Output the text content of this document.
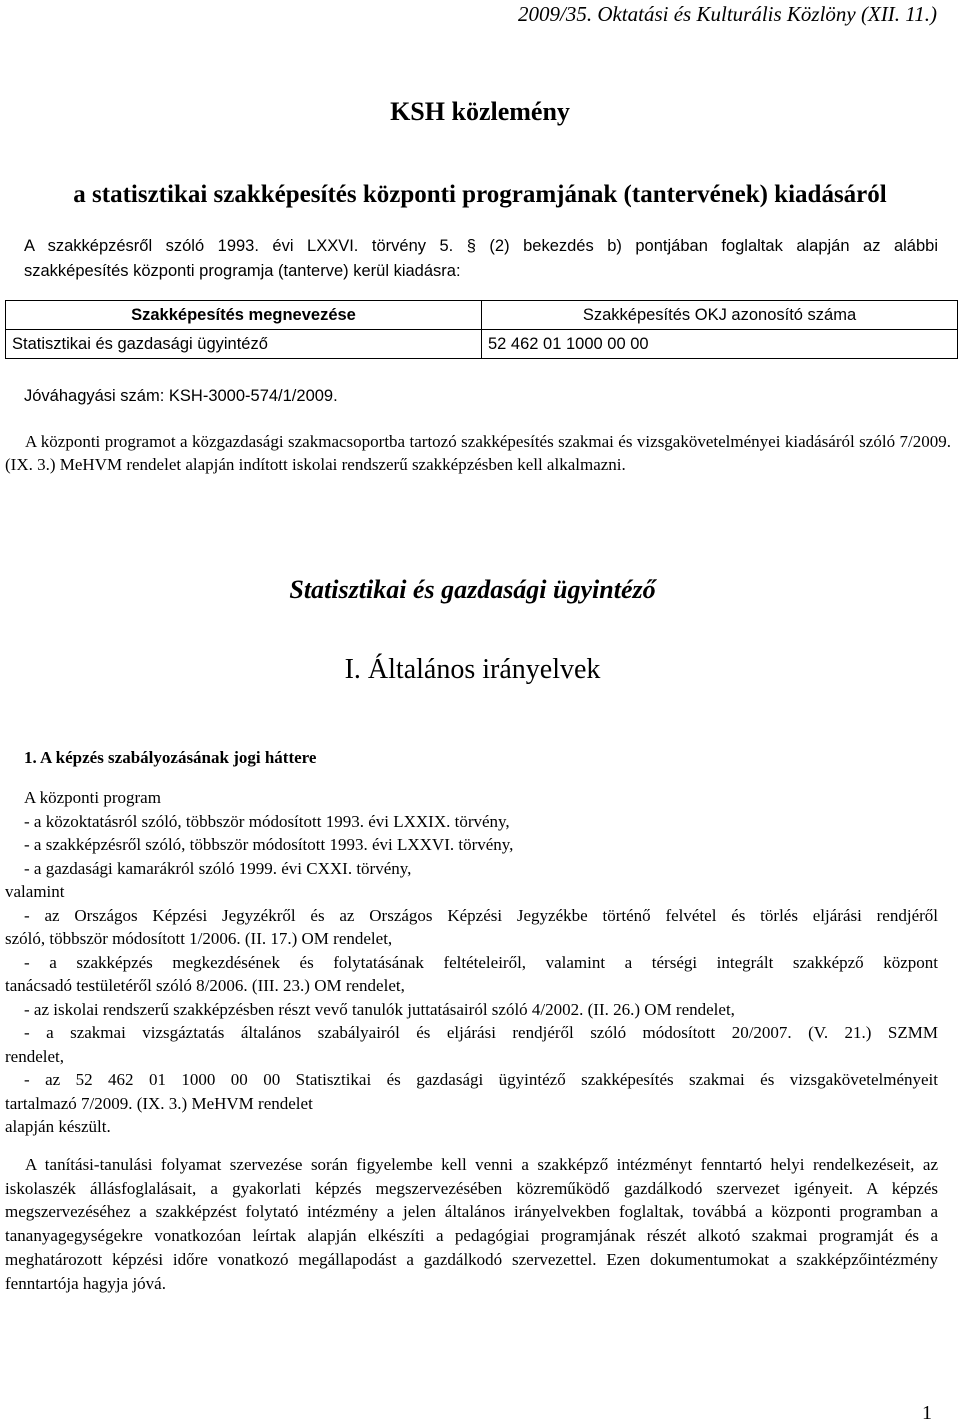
2009/35. Oktatási és Kulturális Közlöny (XII. 11.)
KSH közlemény
a statisztikai szakképesítés központi programjának (tantervének) kiadásáról
A szakképzésről szóló 1993. évi LXXVI. törvény 5. § (2) bekezdés b) pontjában foglaltak alapján az alábbi
szakképesítés központi programja (tanterve) kerül kiadásra:
Szakképesítés megnevezése	Szakképesítés OKJ azonosító száma
Statisztikai és gazdasági ügyintéző	52 462 01 1000 00 00
Jóváhagyási szám: KSH-3000-574/1/2009.
A központi programot a közgazdasági szakmacsoportba tartozó szakképesítés szakmai és vizsgakövetelményei kiadásáról szóló 7/2009. (IX. 3.) MeHVM rendelet alapján indított iskolai rendszerű szakképzésben kell alkalmazni.
Statisztikai és gazdasági ügyintéző
I. Általános irányelvek
1. A képzés szabályozásának jogi háttere
A központi program
- a közoktatásról szóló, többször módosított 1993. évi LXXIX. törvény,
- a szakképzésről szóló, többször módosított 1993. évi LXXVI. törvény,
- a gazdasági kamarákról szóló 1999. évi CXXI. törvény,
valamint
- az Országos Képzési Jegyzékről és az Országos Képzési Jegyzékbe történő felvétel és törlés eljárási rendjéről
szóló, többször módosított 1/2006. (II. 17.) OM rendelet,
- a szakképzés megkezdésének és folytatásának feltételeiről, valamint a térségi integrált szakképző központ
tanácsadó testületéről szóló 8/2006. (III. 23.) OM rendelet,
- az iskolai rendszerű szakképzésben részt vevő tanulók juttatásairól szóló 4/2002. (II. 26.) OM rendelet,
- a szakmai vizsgáztatás általános szabályairól és eljárási rendjéről szóló módosított 20/2007. (V. 21.) SZMM
rendelet,
- az 52 462 01 1000 00 00 Statisztikai és gazdasági ügyintéző szakképesítés szakmai és vizsgakövetelményeit
tartalmazó 7/2009. (IX. 3.) MeHVM rendelet
alapján készült.
A tanítási-tanulási folyamat szervezése során figyelembe kell venni a szakképző intézményt fenntartó helyi rendelkezéseit, az iskolaszék állásfoglalásait, a gyakorlati képzés megszervezésében közreműködő gazdálkodó szervezet igényeit. A képzés megszervezéséhez a szakképzést folytató intézmény a jelen általános irányelvekben foglaltak, továbbá a központi programban a tananyagegységekre vonatkozóan leírtak alapján elkészíti a pedagógiai programjának részét alkotó szakmai programját és a meghatározott képzési időre vonatkozó megállapodást a gazdálkodó szervezettel. Ezen dokumentumokat a szakképzőintézmény fenntartója hagyja jóvá.
1
